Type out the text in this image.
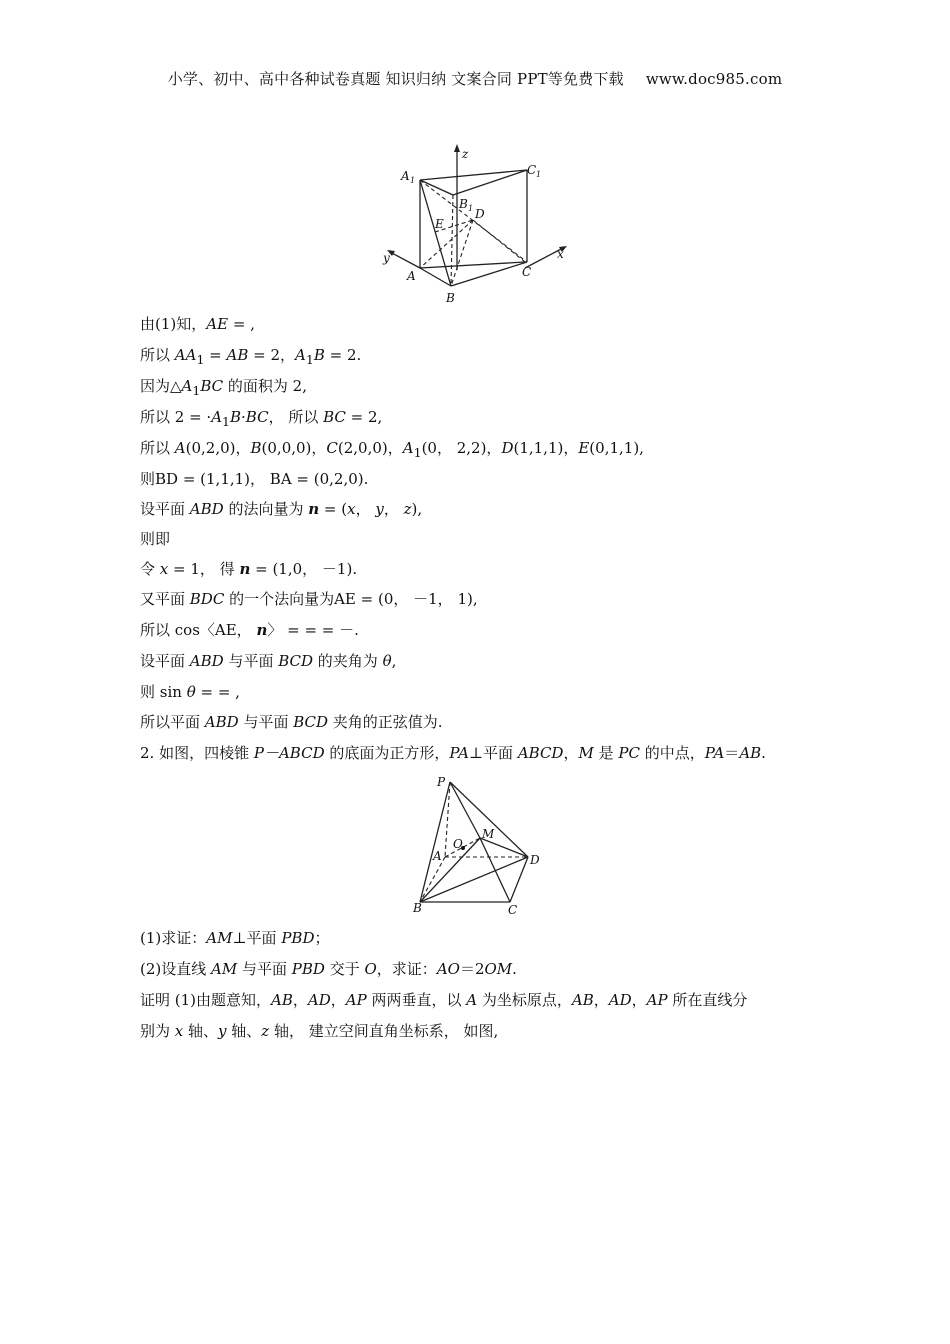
小学、初中、高中各种试卷真题 知识归纳 文案合同 PPT等免费下载 www.doc985.com
z
y	x
A 1
C 1
B 1 D
E
A
B
C
由(1)知，AE = ,
所以 $AA_1$ = AB = 2，$A_1B = 2$.
因为$\triangle A_1BC$ 的面积为 2,
所以 $2 = \cdot A_1B\cdot BC$， 所以 BC = 2,
所以 A(0,2,0)，B(0,0,0)，C(2,0,0)，$A_1(0$， 2,2)，D(1,1,1)，E(0,1,1),
则BD = (1,1,1)， BA = (0,2,0).
设平面 ABD 的法向量为 n = (x， y， z),
则即
令 x = 1， 得 n = (1,0， －1).
又平面 BDC 的一个法向量为AE = (0， －1， 1),
所以 cos〈AE， n〉 = = = －.
设平面 ABD 与平面 BCD 的夹角为 θ,
则 sin θ = = ,
所以平面 ABD 与平面 BCD 夹角的正弦值为.
2. 如图，四棱锥 P－ABCD 的底面为正方形，PA⊥平面 ABCD，M 是 PC 的中点，PA＝AB.
P
M
O
A	D
B	C
(1)求证：AM⊥平面 PBD；
(2)设直线 AM 与平面 PBD 交于 O，求证：AO＝2OM.
证明 (1)由题意知，AB，AD，AP 两两垂直，以 A 为坐标原点，AB，AD，AP 所在直线分
别为 x 轴、y 轴、z 轴， 建立空间直角坐标系， 如图,
